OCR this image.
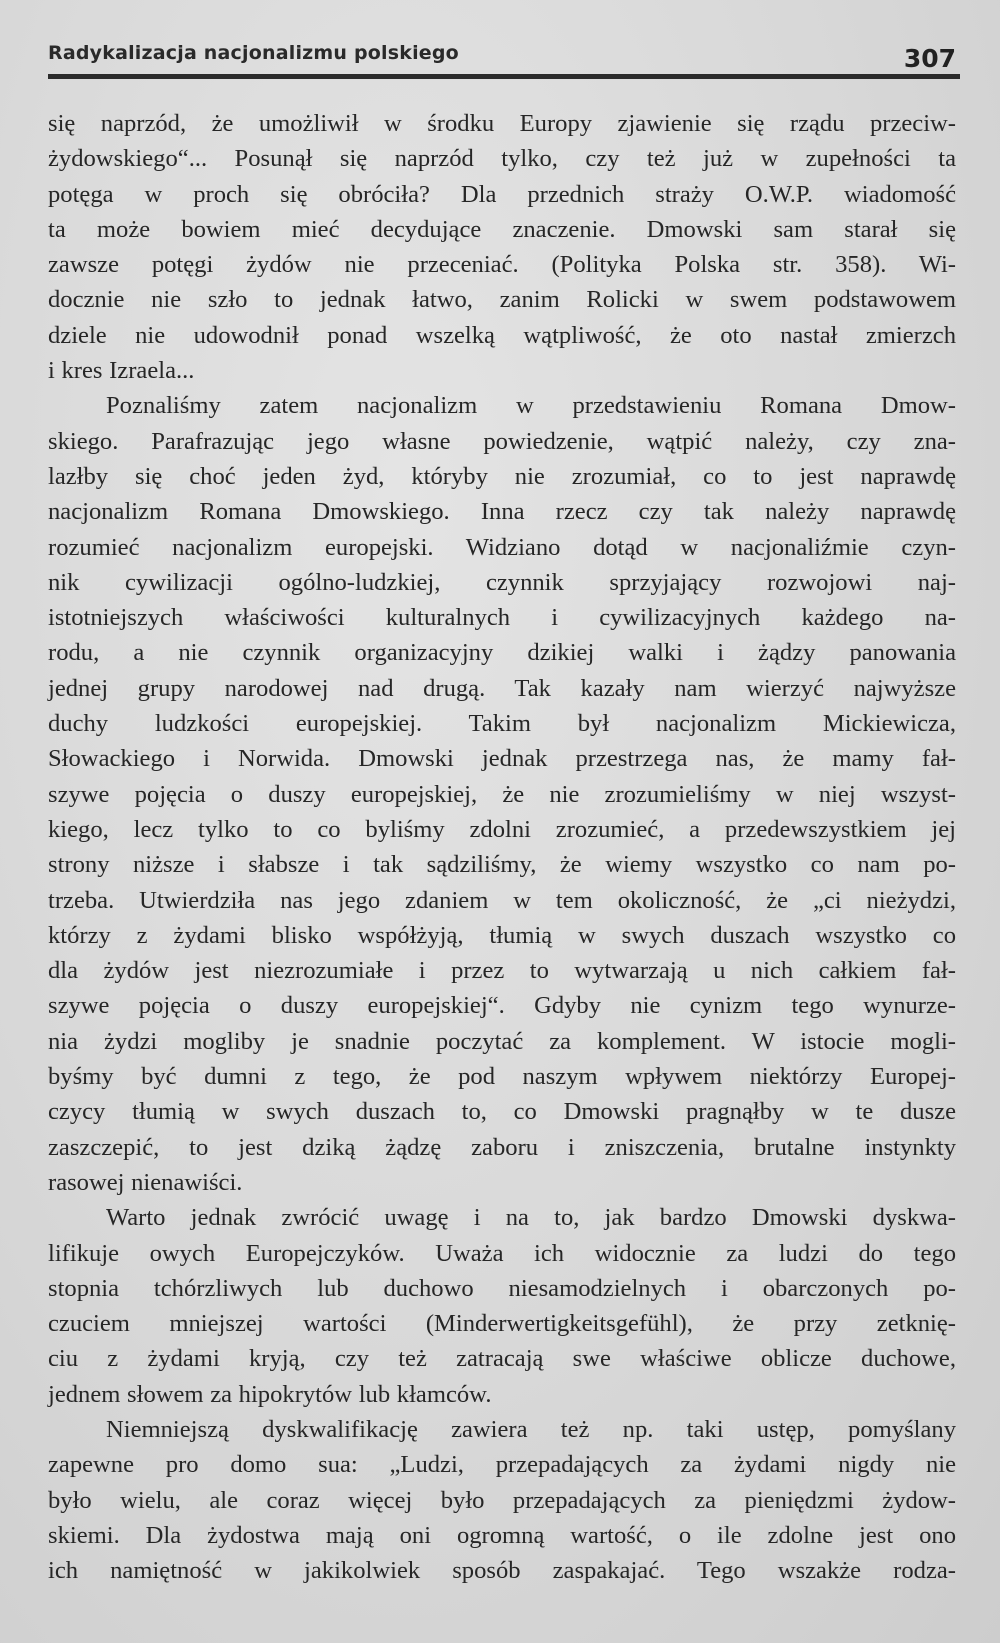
Radykalizacja nacjonalizmu polskiego	307
się naprzód, że umożliwił w środku Europy zjawienie się rządu przeciw-
żydowskiego“... Posunął się naprzód tylko, czy też już w zupełności ta
potęga w proch się obróciła? Dla przednich straży O.W.P. wiadomość
ta może bowiem mieć decydujące znaczenie. Dmowski sam starał się
zawsze potęgi żydów nie przeceniać. (Polityka Polska str. 358). Wi-
docznie nie szło to jednak łatwo, zanim Rolicki w swem podstawowem
dziele nie udowodnił ponad wszelką wątpliwość, że oto nastał zmierzch
i kres Izraela...
Poznaliśmy zatem nacjonalizm w przedstawieniu Romana Dmow-
skiego. Parafrazując jego własne powiedzenie, wątpić należy, czy zna-
lazłby się choć jeden żyd, któryby nie zrozumiał, co to jest naprawdę
nacjonalizm Romana Dmowskiego. Inna rzecz czy tak należy naprawdę
rozumieć nacjonalizm europejski. Widziano dotąd w nacjonaliźmie czyn-
nik cywilizacji ogólno-ludzkiej, czynnik sprzyjający rozwojowi naj-
istotniejszych właściwości kulturalnych i cywilizacyjnych każdego na-
rodu, a nie czynnik organizacyjny dzikiej walki i żądzy panowania
jednej grupy narodowej nad drugą. Tak kazały nam wierzyć najwyższe
duchy ludzkości europejskiej. Takim był nacjonalizm Mickiewicza,
Słowackiego i Norwida. Dmowski jednak przestrzega nas, że mamy fał-
szywe pojęcia o duszy europejskiej, że nie zrozumieliśmy w niej wszyst-
kiego, lecz tylko to co byliśmy zdolni zrozumieć, a przedewszystkiem jej
strony niższe i słabsze i tak sądziliśmy, że wiemy wszystko co nam po-
trzeba. Utwierdziła nas jego zdaniem w tem okoliczność, że „ci nieżydzi,
którzy z żydami blisko współżyją, tłumią w swych duszach wszystko co
dla żydów jest niezrozumiałe i przez to wytwarzają u nich całkiem fał-
szywe pojęcia o duszy europejskiej“. Gdyby nie cynizm tego wynurze-
nia żydzi mogliby je snadnie poczytać za komplement. W istocie mogli-
byśmy być dumni z tego, że pod naszym wpływem niektórzy Europej-
czycy tłumią w swych duszach to, co Dmowski pragnąłby w te dusze
zaszczepić, to jest dziką żądzę zaboru i zniszczenia, brutalne instynkty
rasowej nienawiści.
Warto jednak zwrócić uwagę i na to, jak bardzo Dmowski dyskwa-
lifikuje owych Europejczyków. Uważa ich widocznie za ludzi do tego
stopnia tchórzliwych lub duchowo niesamodzielnych i obarczonych po-
czuciem mniejszej wartości (Minderwertigkeitsgefühl), że przy zetknię-
ciu z żydami kryją, czy też zatracają swe właściwe oblicze duchowe,
jednem słowem za hipokrytów lub kłamców.
Niemniejszą dyskwalifikację zawiera też np. taki ustęp, pomyślany
zapewne pro domo sua: „Ludzi, przepadających za żydami nigdy nie
było wielu, ale coraz więcej było przepadających za pieniędzmi żydow-
skiemi. Dla żydostwa mają oni ogromną wartość, o ile zdolne jest ono
ich namiętność w jakikolwiek sposób zaspakajać. Tego wszakże rodza-
